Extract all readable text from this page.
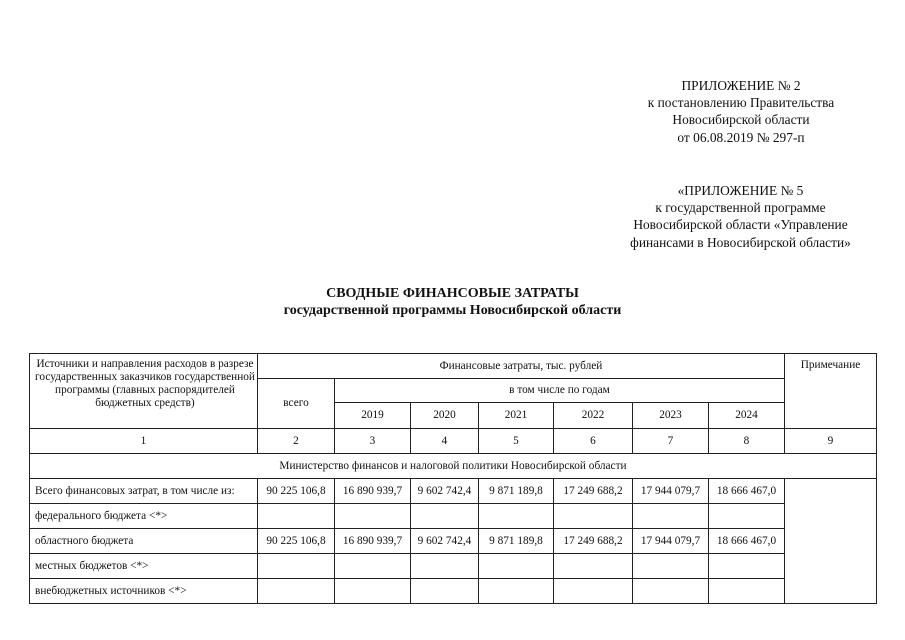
ПРИЛОЖЕНИЕ № 2
к постановлению Правительства
Новосибирской области
от 06.08.2019 № 297-п
«ПРИЛОЖЕНИЕ № 5
к государственной программе
Новосибирской области «Управление
финансами в Новосибирской области»
СВОДНЫЕ ФИНАНСОВЫЕ ЗАТРАТЫ
государственной программы Новосибирской области
Источники и направления расходов в разрезе государственных заказчиков государственной программы (главных распорядителей бюджетных средств)	Финансовые затраты, тыс. рублей							Примечание
	всего	в том числе по годам						
		2019	2020	2021	2022	2023	2024	
1	2	3	4	5	6	7	8	9
Министерство финансов и налоговой политики Новосибирской области								
Всего финансовых затрат, в том числе из:	90 225 106,8	16 890 939,7	9 602 742,4	9 871 189,8	17 249 688,2	17 944 079,7	18 666 467,0	
федерального бюджета <*>								
областного бюджета	90 225 106,8	16 890 939,7	9 602 742,4	9 871 189,8	17 249 688,2	17 944 079,7	18 666 467,0	
местных бюджетов <*>								
внебюджетных источников <*>								
